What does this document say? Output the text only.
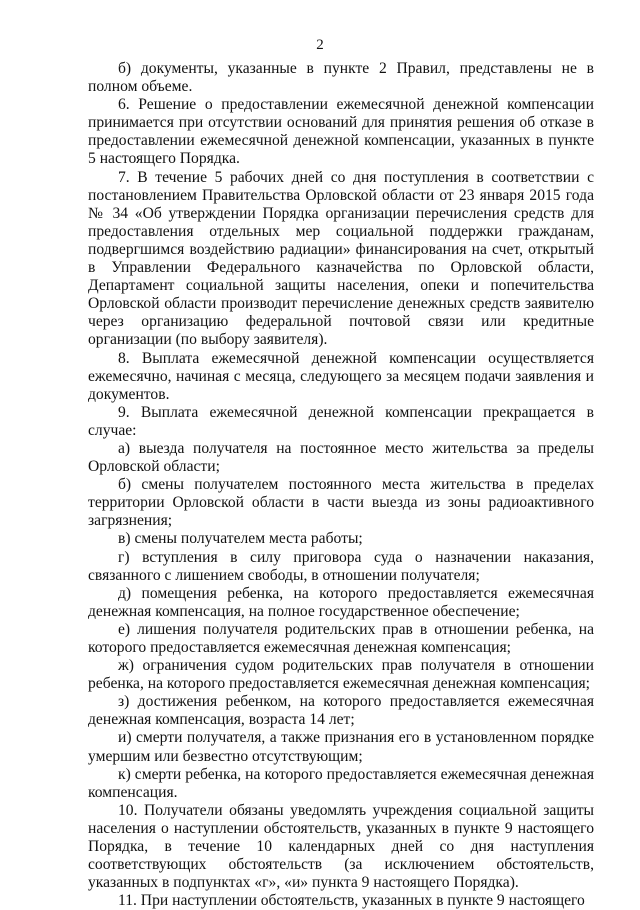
2

б) документы, указанные в пункте 2 Правил, представлены не в полном объеме.

6. Решение о предоставлении ежемесячной денежной компенсации принимается при отсутствии оснований для принятия решения об отказе в предоставлении ежемесячной денежной компенсации, указанных в пункте 5 настоящего Порядка.

7. В течение 5 рабочих дней со дня поступления в соответствии с постановлением Правительства Орловской области от 23 января 2015 года № 34 «Об утверждении Порядка организации перечисления средств для предоставления отдельных мер социальной поддержки гражданам, подвергшимся воздействию радиации» финансирования на счет, открытый в Управлении Федерального казначейства по Орловской области, Департамент социальной защиты населения, опеки и попечительства Орловской области производит перечисление денежных средств заявителю через организацию федеральной почтовой связи или кредитные организации (по выбору заявителя).

8. Выплата ежемесячной денежной компенсации осуществляется ежемесячно, начиная с месяца, следующего за месяцем подачи заявления и документов.

9. Выплата ежемесячной денежной компенсации прекращается в случае:

а) выезда получателя на постоянное место жительства за пределы Орловской области;

б) смены получателем постоянного места жительства в пределах территории Орловской области в части выезда из зоны радиоактивного загрязнения;

в) смены получателем места работы;

г) вступления в силу приговора суда о назначении наказания, связанного с лишением свободы, в отношении получателя;

д) помещения ребенка, на которого предоставляется ежемесячная денежная компенсация, на полное государственное обеспечение;

е) лишения получателя родительских прав в отношении ребенка, на которого предоставляется ежемесячная денежная компенсация;

ж) ограничения судом родительских прав получателя в отношении ребенка, на которого предоставляется ежемесячная денежная компенсация;

з) достижения ребенком, на которого предоставляется ежемесячная денежная компенсация, возраста 14 лет;

и) смерти получателя, а также признания его в установленном порядке умершим или безвестно отсутствующим;

к) смерти ребенка, на которого предоставляется ежемесячная денежная компенсация.

10. Получатели обязаны уведомлять учреждения социальной защиты населения о наступлении обстоятельств, указанных в пункте 9 настоящего Порядка, в течение 10 календарных дней со дня наступления соответствующих обстоятельств (за исключением обстоятельств, указанных в подпунктах «г», «и» пункта 9 настоящего Порядка).

11. При наступлении обстоятельств, указанных в пункте 9 настоящего
